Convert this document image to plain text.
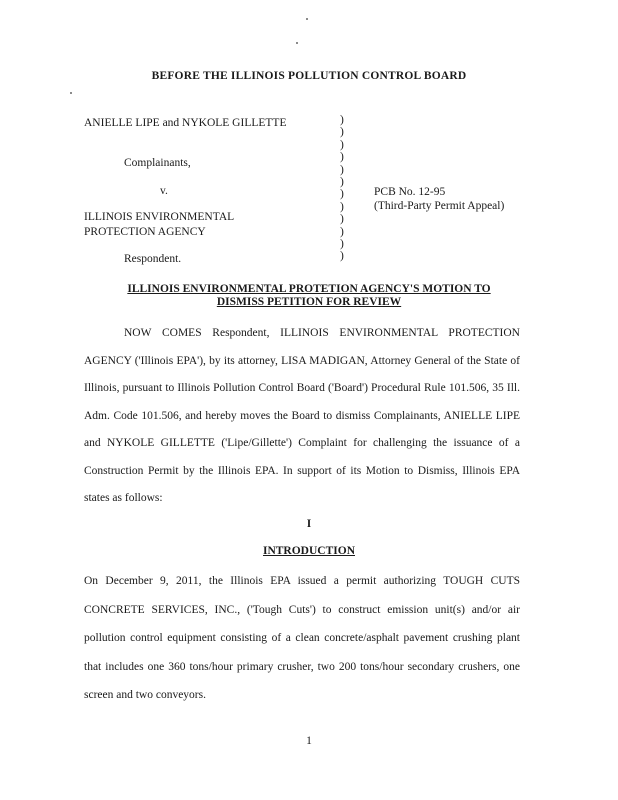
BEFORE THE ILLINOIS POLLUTION CONTROL BOARD
ANIELLE LIPE and NYKOLE GILLETTE
Complainants,
v.
ILLINOIS ENVIRONMENTAL
PROTECTION AGENCY
Respondent.
)
)
)
)
)
)
)
)
)
)
)
)
PCB No. 12-95
(Third-Party Permit Appeal)
ILLINOIS ENVIRONMENTAL PROTETION AGENCY'S MOTION TO
DISMISS PETITION FOR REVIEW
NOW COMES Respondent, ILLINOIS ENVIRONMENTAL PROTECTION AGENCY ('Illinois EPA'), by its attorney, LISA MADIGAN, Attorney General of the State of Illinois, pursuant to Illinois Pollution Control Board ('Board') Procedural Rule 101.506, 35 Ill. Adm. Code 101.506, and hereby moves the Board to dismiss Complainants, ANIELLE LIPE and NYKOLE GILLETTE ('Lipe/Gillette') Complaint for challenging the issuance of a Construction Permit by the Illinois EPA. In support of its Motion to Dismiss, Illinois EPA states as follows:
I
INTRODUCTION
On December 9, 2011, the Illinois EPA issued a permit authorizing TOUGH CUTS CONCRETE SERVICES, INC., ('Tough Cuts') to construct emission unit(s) and/or air pollution control equipment consisting of a clean concrete/asphalt pavement crushing plant that includes one 360 tons/hour primary crusher, two 200 tons/hour secondary crushers, one screen and two conveyors.
1
